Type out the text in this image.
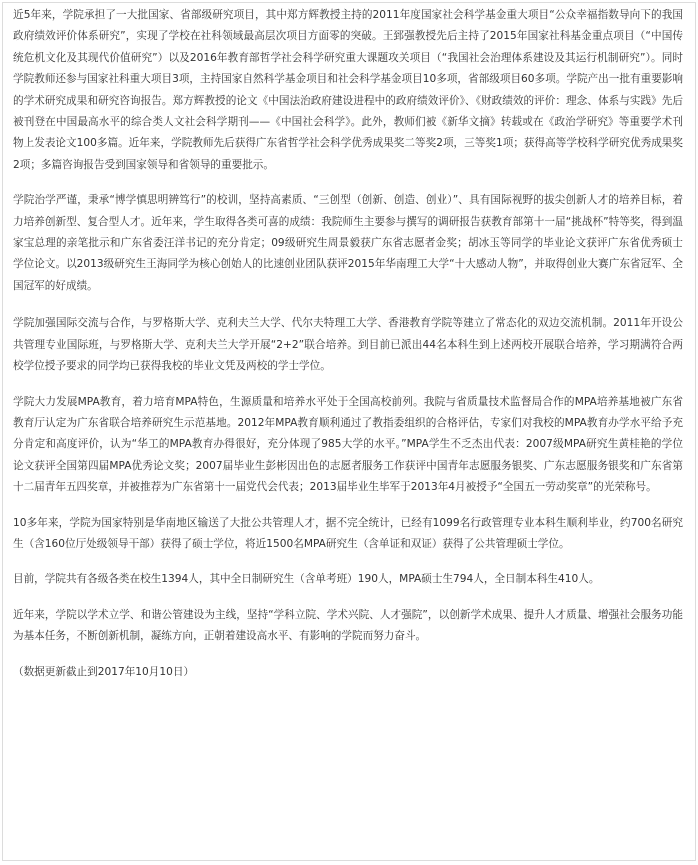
近5年来，学院承担了一大批国家、省部级研究项目，其中郑方辉教授主持的2011年度国家社会科学基金重大项目“公众幸福指数导向下的我国政府绩效评价体系研究”，实现了学校在社科领域最高层次项目方面零的突破。王郅强教授先后主持了2015年国家社科基金重点项目（“中国传统危机文化及其现代价值研究”）以及2016年教育部哲学社会科学研究重大课题攻关项目（“我国社会治理体系建设及其运行机制研究”）。同时学院教师还参与国家社科重大项目3项，主持国家自然科学基金项目和社会科学基金项目10多项，省部级项目60多项。学院产出一批有重要影响的学术研究成果和研究咨询报告。郑方辉教授的论文《中国法治政府建设进程中的政府绩效评价》、《财政绩效的评价：理念、体系与实践》先后被刊登在中国最高水平的综合类人文社会科学期刊——《中国社会科学》。此外，教师们被《新华文摘》转载或在《政治学研究》等重要学术刊物上发表论文100多篇。近年来，学院教师先后获得广东省哲学社会科学优秀成果奖二等奖2项，三等奖1项；获得高等学校科学研究优秀成果奖2项；多篇咨询报告受到国家领导和省领导的重要批示。

学院治学严谨，秉承“博学慎思明辨笃行”的校训，坚持高素质、“三创型（创新、创造、创业）”、具有国际视野的拔尖创新人才的培养目标，着力培养创新型、复合型人才。近年来，学生取得各类可喜的成绩：我院师生主要参与撰写的调研报告获教育部第十一届“挑战杯”特等奖，得到温家宝总理的亲笔批示和广东省委汪洋书记的充分肯定；09级研究生周景毅获广东省志愿者金奖；胡冰玉等同学的毕业论文获评广东省优秀硕士学位论文。以2013级研究生王海同学为核心创始人的比速创业团队获评2015年华南理工大学“十大感动人物”，并取得创业大赛广东省冠军、全国冠军的好成绩。

学院加强国际交流与合作，与罗格斯大学、克利夫兰大学、代尔夫特理工大学、香港教育学院等建立了常态化的双边交流机制。2011年开设公共管理专业国际班，与罗格斯大学、克利夫兰大学开展“2+2”联合培养。到目前已派出44名本科生到上述两校开展联合培养，学习期满符合两校学位授予要求的同学均已获得我校的毕业文凭及两校的学士学位。

学院大力发展MPA教育，着力培育MPA特色，生源质量和培养水平处于全国高校前列。我院与省质量技术监督局合作的MPA培养基地被广东省教育厅认定为广东省联合培养研究生示范基地。2012年MPA教育顺利通过了教指委组织的合格评估，专家们对我校的MPA教育办学水平给予充分肯定和高度评价，认为“华工的MPA教育办得很好，充分体现了985大学的水平。”MPA学生不乏杰出代表：2007级MPA研究生黄桂艳的学位论文获评全国第四届MPA优秀论文奖；2007届毕业生彭彬因出色的志愿者服务工作获评中国青年志愿服务银奖、广东志愿服务银奖和广东省第十二届青年五四奖章，并被推荐为广东省第十一届党代会代表；2013届毕业生毕军于2013年4月被授予“全国五一劳动奖章”的光荣称号。

10多年来，学院为国家特别是华南地区输送了大批公共管理人才，据不完全统计，已经有1099名行政管理专业本科生顺利毕业，约700名研究生（含160位厅处级领导干部）获得了硕士学位，将近1500名MPA研究生（含单证和双证）获得了公共管理硕士学位。

目前，学院共有各级各类在校生1394人，其中全日制研究生（含单考班）190人，MPA硕士生794人，全日制本科生410人。

近年来，学院以学术立学、和谐公管建设为主线，坚持“学科立院、学术兴院、人才强院”，以创新学术成果、提升人才质量、增强社会服务功能为基本任务，不断创新机制，凝练方向，正朝着建设高水平、有影响的学院而努力奋斗。

（数据更新截止到2017年10月10日）
